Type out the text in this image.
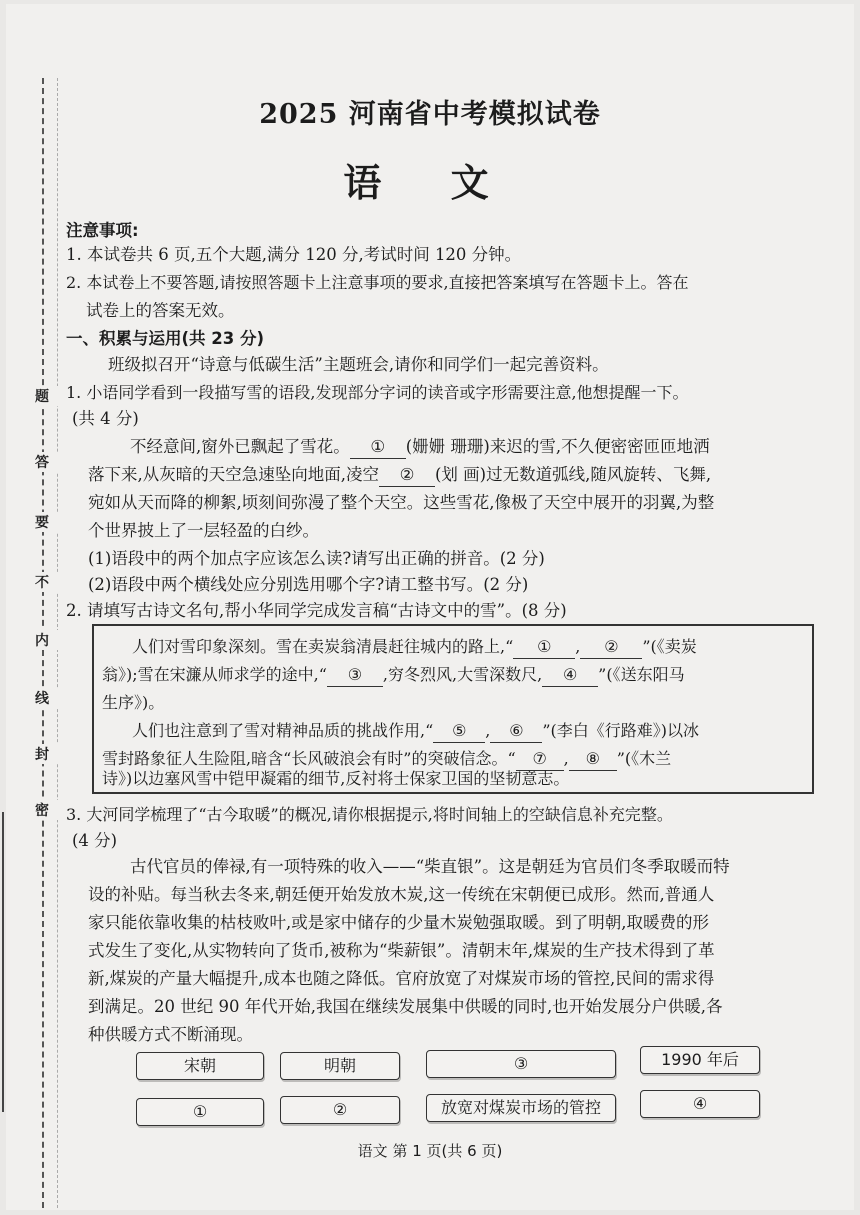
题
答
要
不
内
线
封
密
2025 河南省中考模拟试卷
语 文
注意事项:
1. 本试卷共 6 页,五个大题,满分 120 分,考试时间 120 分钟。
2. 本试卷上不要答题,请按照答题卡上注意事项的要求,直接把答案填写在答题卡上。答在
试卷上的答案无效。
一、积累与运用(共 23 分)
班级拟召开“诗意与低碳生活”主题班会,请你和同学们一起完善资料。
1. 小语同学看到一段描写雪的语段,发现部分字词的读音或字形需要注意,他想提醒一下。
(共 4 分)
不经意间,窗外已飘起了雪花。 ① (姗姗 珊珊)来迟的雪,不久便密密匝匝地洒
落下来,从灰暗的天空急速坠向地面,凌空 ② (划 画)过无数道弧线,随风旋转、飞舞,
宛如从天而降的柳絮,顷刻间弥漫了整个天空。这些雪花,像极了天空中展开的羽翼,为整
个世界披上了一层轻盈的白纱。
(1)语段中的两个加点字应该怎么读?请写出正确的拼音。(2 分)
(2)语段中两个横线处应分别选用哪个字?请工整书写。(2 分)
2. 请填写古诗文名句,帮小华同学完成发言稿“古诗文中的雪”。(8 分)
人们对雪印象深刻。雪在卖炭翁清晨赶往城内的路上,“ ① , ② ”(《卖炭
翁》);雪在宋濂从师求学的途中,“ ③ ,穷冬烈风,大雪深数尺, ④ ”(《送东阳马
生序》)。
人们也注意到了雪对精神品质的挑战作用,“ ⑤ , ⑥ ”(李白《行路难》)以冰
雪封路象征人生险阻,暗含“长风破浪会有时”的突破信念。“ ⑦ , ⑧ ”(《木兰
诗》)以边塞风雪中铠甲凝霜的细节,反衬将士保家卫国的坚韧意志。
3. 大河同学梳理了“古今取暖”的概况,请你根据提示,将时间轴上的空缺信息补充完整。
(4 分)
古代官员的俸禄,有一项特殊的收入——“柴直银”。这是朝廷为官员们冬季取暖而特
设的补贴。每当秋去冬来,朝廷便开始发放木炭,这一传统在宋朝便已成形。然而,普通人
家只能依靠收集的枯枝败叶,或是家中储存的少量木炭勉强取暖。到了明朝,取暖费的形
式发生了变化,从实物转向了货币,被称为“柴薪银”。清朝末年,煤炭的生产技术得到了革
新,煤炭的产量大幅提升,成本也随之降低。官府放宽了对煤炭市场的管控,民间的需求得
到满足。20 世纪 90 年代开始,我国在继续发展集中供暖的同时,也开始发展分户供暖,各
种供暖方式不断涌现。
宋朝	明朝	③	1990 年后
①	②	放宽对煤炭市场的管控	④
语文 第 1 页(共 6 页)
